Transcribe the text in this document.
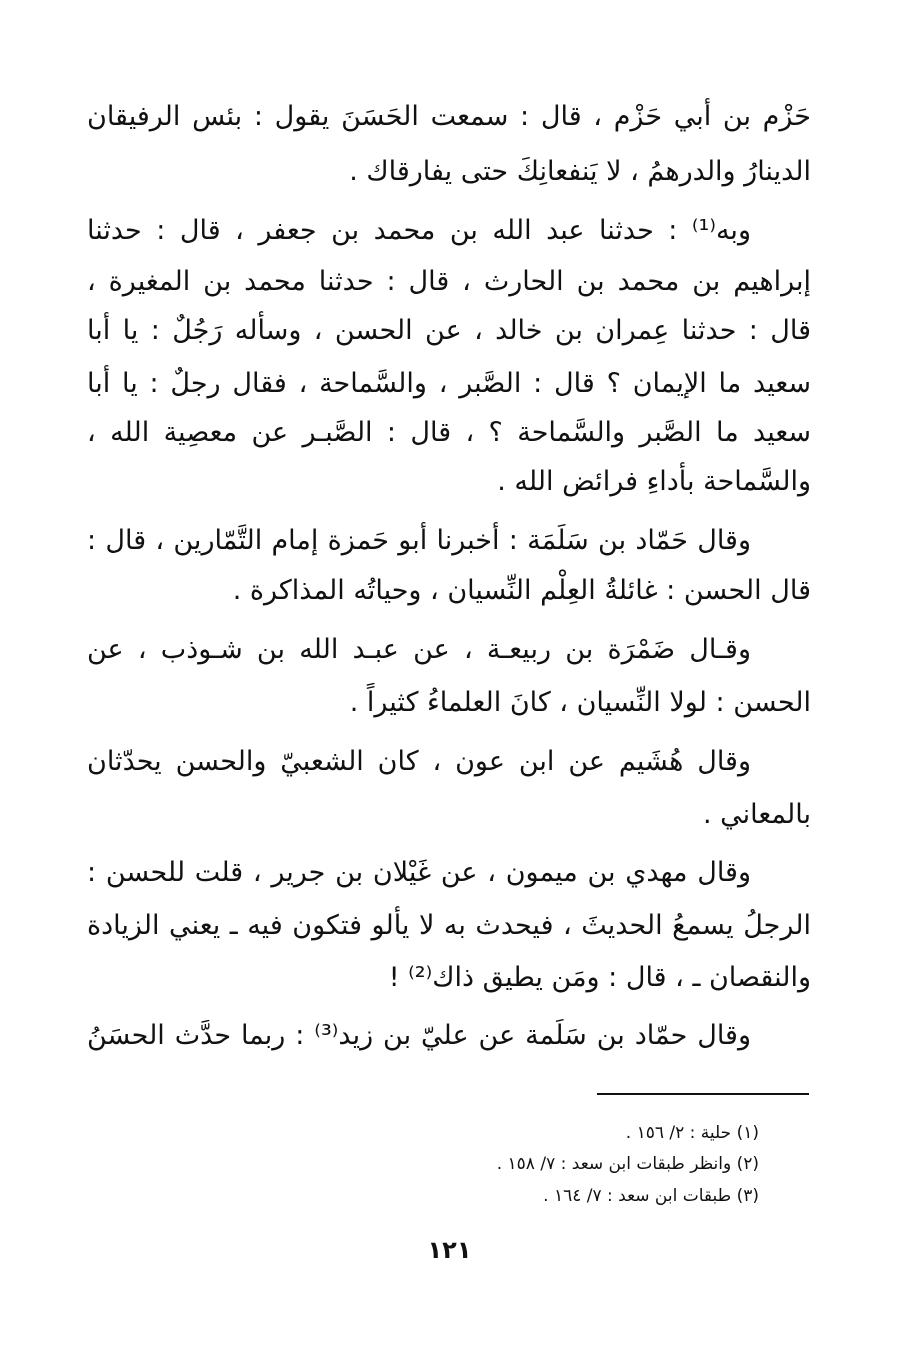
حَزْم بن أبي حَزْم ، قال : سمعت الحَسَنَ يقول : بئس الرفيقان
الدينارُ والدرهمُ ، لا يَنفعانِكَ حتى يفارقاك .
وبه⁽¹⁾ : حدثنا عبد الله بن محمد بن جعفر ، قال : حدثنا
إبراهيم بن محمد بن الحارث ، قال : حدثنا محمد بن المغيرة ،
قال : حدثنا عِمران بن خالد ، عن الحسن ، وسأله رَجُلٌ : يا أبا
سعيد ما الإيمان ؟ قال : الصَّبر ، والسَّماحة ، فقال رجلٌ : يا أبا
سعيد ما الصَّبر والسَّماحة ؟ ، قال : الصَّبـر عن معصِية الله ،
والسَّماحة بأداءِ فرائض الله .
وقال حَمّاد بن سَلَمَة : أخبرنا أبو حَمزة إمام التَّمّارين ، قال :
قال الحسن : غائلةُ العِلْم النِّسيان ، وحياتُه المذاكرة .
وقـال ضَمْرَة بن ربيعـة ، عن عبـد الله بن شـوذب ، عن
الحسن : لولا النِّسيان ، كانَ العلماءُ كثيراً .
وقال هُشَيم عن ابن عون ، كان الشعبيّ والحسن يحدّثان
بالمعاني .
وقال مهدي بن ميمون ، عن غَيْلان بن جرير ، قلت للحسن :
الرجلُ يسمعُ الحديثَ ، فيحدث به لا يألو فتكون فيه ـ يعني الزيادة
والنقصان ـ ، قال : ومَن يطيق ذاك⁽²⁾ !
وقال حمّاد بن سَلَمة عن عليّ بن زيد⁽³⁾ : ربما حدَّث الحسَنُ
(١) حلية : ٢/ ١٥٦ .
(٢) وانظر طبقات ابن سعد : ٧/ ١٥٨ .
(٣) طبقات ابن سعد : ٧/ ١٦٤ .
١٢١
